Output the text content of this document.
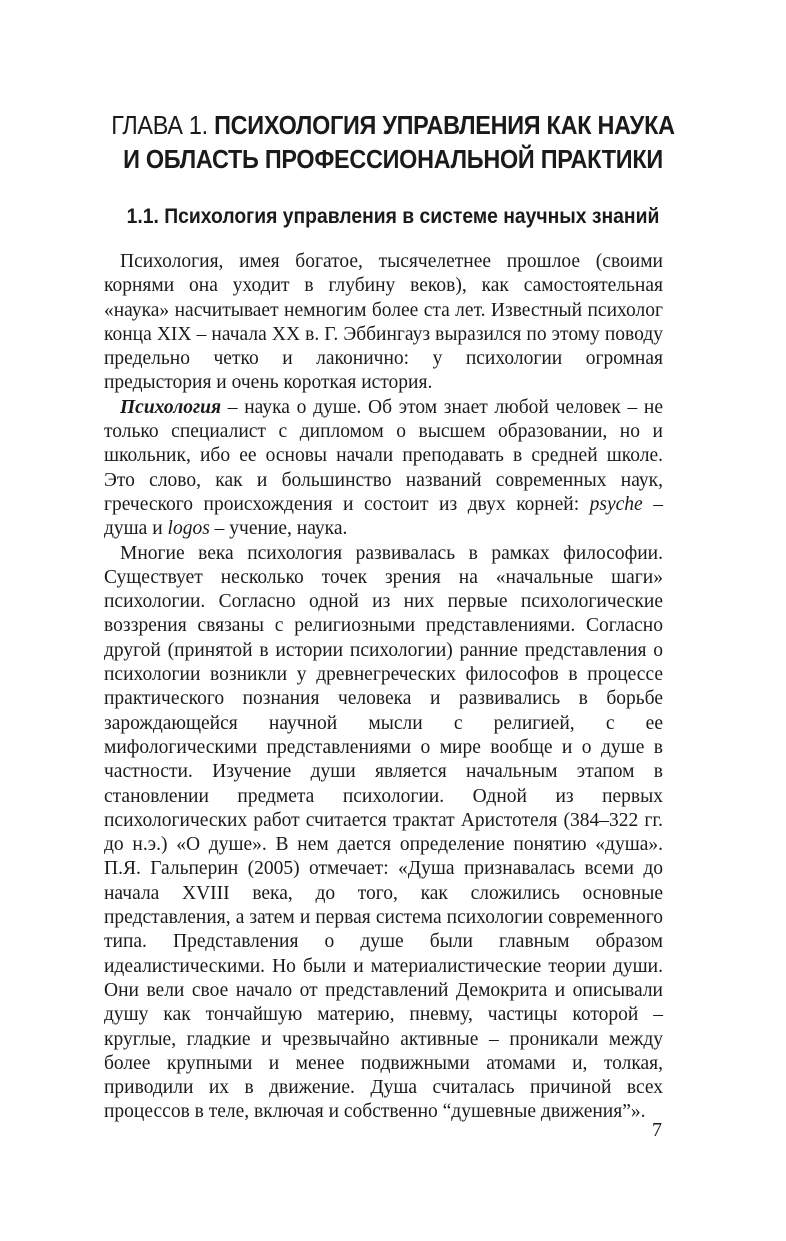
ГЛАВА 1. ПСИХОЛОГИЯ УПРАВЛЕНИЯ КАК НАУКА
И ОБЛАСТЬ ПРОФЕССИОНАЛЬНОЙ ПРАКТИКИ
1.1. Психология управления в системе научных знаний

Психология, имея богатое, тысячелетнее прошлое (своими корнями она уходит в глубину веков), как самостоятельная «наука» насчитывает немногим более ста лет. Известный психолог конца XIX – начала XX в. Г. Эббингауз выразился по этому поводу предельно четко и лаконично: у психологии огромная предыстория и очень короткая история.

Психология – наука о душе. Об этом знает любой человек – не только специалист с дипломом о высшем образовании, но и школьник, ибо ее основы начали преподавать в средней школе. Это слово, как и большинство названий современных наук, греческого происхождения и состоит из двух корней: psyche – душа и logos – учение, наука.

Многие века психология развивалась в рамках философии. Существует несколько точек зрения на «начальные шаги» психологии. Согласно одной из них первые психологические воззрения связаны с религиозными представлениями. Согласно другой (принятой в истории психологии) ранние представления о психологии возникли у древнегреческих философов в процессе практического познания человека и развивались в борьбе зарождающейся научной мысли с религией, с ее мифологическими представлениями о мире вообще и о душе в частности. Изучение души является начальным этапом в становлении предмета психологии. Одной из первых психологических работ считается трактат Аристотеля (384–322 гг. до н.э.) «О душе». В нем дается определение понятию «душа». П.Я. Гальперин (2005) отмечает: «Душа признавалась всеми до начала XVIII века, до того, как сложились основные представления, а затем и первая система психологии современного типа. Представления о душе были главным образом идеалистическими. Но были и материалистические теории души. Они вели свое начало от представлений Демокрита и описывали душу как тончайшую материю, пневму, частицы которой – круглые, гладкие и чрезвычайно активные – проникали между более крупными и менее подвижными атомами и, толкая, приводили их в движение. Душа считалась причиной всех процессов в теле, включая и собственно “душевные движения”».

7
